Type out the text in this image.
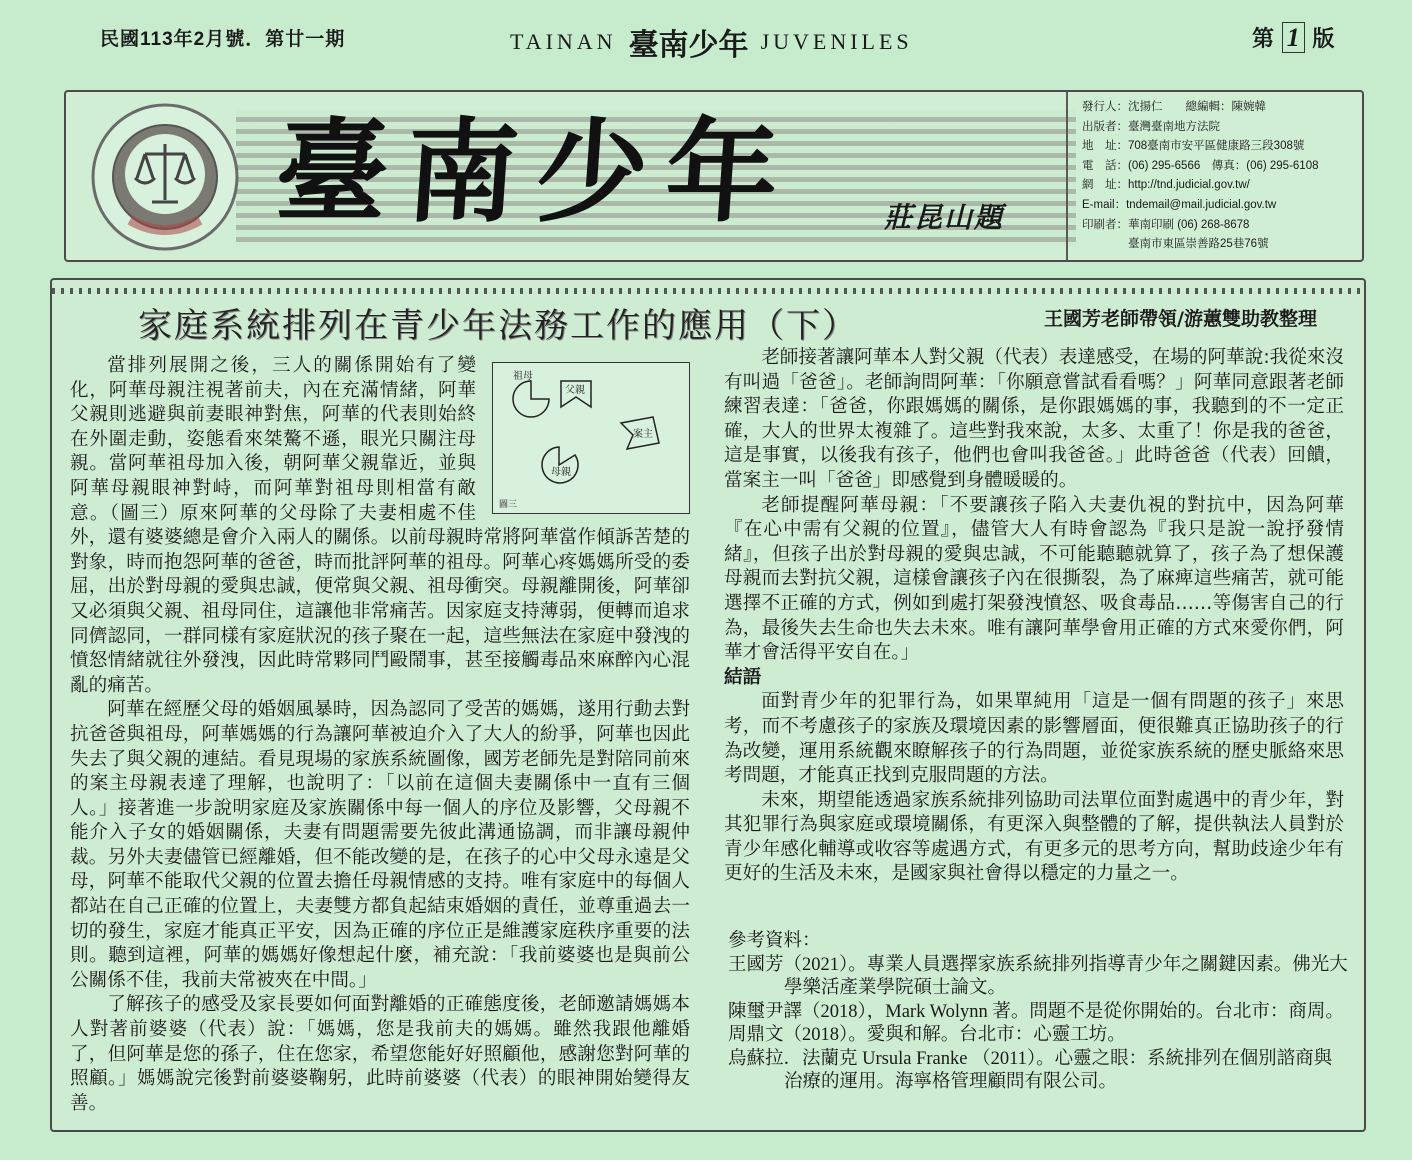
民國113年2月號．第廿一期	TAINAN 臺南少年 JUVENILES	第 1 版
臺南少年	莊昆山題
發行人：沈揚仁　　總編輯：陳婉韓
出版者：臺灣臺南地方法院
地　址：708臺南市安平區健康路三段308號
電　話：(06) 295-6566　傳真：(06) 295-6108
網　址：http://tnd.judicial.gov.tw/
E-mail：tndemail@mail.judicial.gov.tw
印刷者：華南印刷 (06) 268-8678
　　　　臺南市東區崇善路25巷76號
家庭系統排列在青少年法務工作的應用（下）	王國芳老師帶領/游蕙雙助教整理
祖母
父親
案主
母親
圖三

當排列展開之後，三人的關係開始有了變化，阿華母親注視著前夫，內在充滿情緒，阿華父親則逃避與前妻眼神對焦，阿華的代表則始終在外圍走動，姿態看來桀驁不遜，眼光只關注母親。當阿華祖母加入後，朝阿華父親靠近，並與阿華母親眼神對峙，而阿華對祖母則相當有敵意。（圖三）原來阿華的父母除了夫妻相處不佳外，還有婆婆總是會介入兩人的關係。以前母親時常將阿華當作傾訴苦楚的對象，時而抱怨阿華的爸爸，時而批評阿華的祖母。阿華心疼媽媽所受的委屈，出於對母親的愛與忠誠，便常與父親、祖母衝突。母親離開後，阿華卻又必須與父親、祖母同住，這讓他非常痛苦。因家庭支持薄弱，便轉而追求同儕認同，一群同樣有家庭狀況的孩子聚在一起，這些無法在家庭中發洩的憤怒情緒就往外發洩，因此時常夥同鬥毆鬧事，甚至接觸毒品來麻醉內心混亂的痛苦。

阿華在經歷父母的婚姻風暴時，因為認同了受苦的媽媽，遂用行動去對抗爸爸與祖母，阿華媽媽的行為讓阿華被迫介入了大人的紛爭，阿華也因此失去了與父親的連結。看見現場的家族系統圖像，國芳老師先是對陪同前來的案主母親表達了理解，也說明了：「以前在這個夫妻關係中一直有三個人。」接著進一步說明家庭及家族關係中每一個人的序位及影響，父母親不能介入子女的婚姻關係，夫妻有問題需要先彼此溝通協調，而非讓母親仲裁。另外夫妻儘管已經離婚，但不能改變的是，在孩子的心中父母永遠是父母，阿華不能取代父親的位置去擔任母親情感的支持。唯有家庭中的每個人都站在自己正確的位置上，夫妻雙方都負起結束婚姻的責任，並尊重過去一切的發生，家庭才能真正平安，因為正確的序位正是維護家庭秩序重要的法則。聽到這裡，阿華的媽媽好像想起什麼，補充說：「我前婆婆也是與前公公關係不佳，我前夫常被夾在中間。」

了解孩子的感受及家長要如何面對離婚的正確態度後，老師邀請媽媽本人對著前婆婆（代表）說：「媽媽，您是我前夫的媽媽。雖然我跟他離婚了，但阿華是您的孫子，住在您家，希望您能好好照顧他，感謝您對阿華的照顧。」媽媽說完後對前婆婆鞠躬，此時前婆婆（代表）的眼神開始變得友善。

老師接著讓阿華本人對父親（代表）表達感受，在場的阿華說:我從來沒有叫過「爸爸」。老師詢問阿華：「你願意嘗試看看嗎？」阿華同意跟著老師練習表達：「爸爸，你跟媽媽的關係，是你跟媽媽的事，我聽到的不一定正確，大人的世界太複雜了。這些對我來說，太多、太重了！你是我的爸爸，這是事實，以後我有孩子，他們也會叫我爸爸。」此時爸爸（代表）回饋，當案主一叫「爸爸」即感覺到身體暖暖的。

老師提醒阿華母親：「不要讓孩子陷入夫妻仇視的對抗中，因為阿華『在心中需有父親的位置』，儘管大人有時會認為『我只是說一說抒發情緒』，但孩子出於對母親的愛與忠誠，不可能聽聽就算了，孩子為了想保護母親而去對抗父親，這樣會讓孩子內在很撕裂，為了麻痺這些痛苦，就可能選擇不正確的方式，例如到處打架發洩憤怒、吸食毒品……等傷害自己的行為，最後失去生命也失去未來。唯有讓阿華學會用正確的方式來愛你們，阿華才會活得平安自在。」

結語

面對青少年的犯罪行為，如果單純用「這是一個有問題的孩子」來思考，而不考慮孩子的家族及環境因素的影響層面，便很難真正協助孩子的行為改變，運用系統觀來瞭解孩子的行為問題，並從家族系統的歷史脈絡來思考問題，才能真正找到克服問題的方法。

未來，期望能透過家族系統排列協助司法單位面對處遇中的青少年，對其犯罪行為與家庭或環境關係，有更深入與整體的了解，提供執法人員對於青少年感化輔導或收容等處遇方式，有更多元的思考方向，幫助歧途少年有更好的生活及未來，是國家與社會得以穩定的力量之一。

參考資料：
王國芳（2021）。專業人員選擇家族系統排列指導青少年之關鍵因素。佛光大學樂活產業學院碩士論文。
陳璽尹譯（2018），Mark Wolynn 著。問題不是從你開始的。台北市：商周。
周鼎文（2018）。愛與和解。台北市：心靈工坊。
烏蘇拉．法蘭克 Ursula Franke （2011）。心靈之眼：系統排列在個別諮商與治療的運用。海寧格管理顧問有限公司。
